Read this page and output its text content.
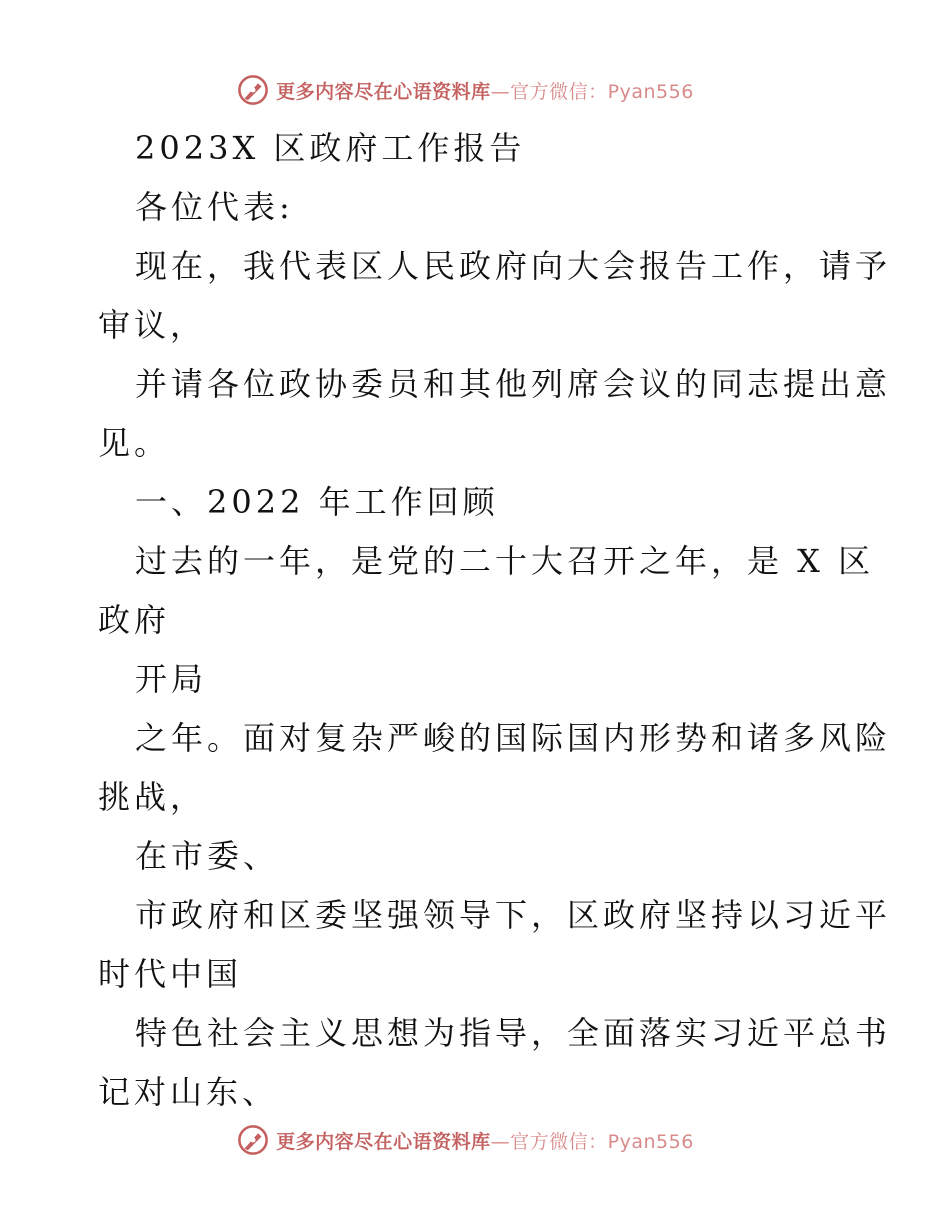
更多内容尽在心语资料库—官方微信：Pyan556
2023X 区政府工作报告
各位代表:
现在，我代表区人民政府向大会报告工作，请予
审议，
并请各位政协委员和其他列席会议的同志提出意
见。
一、2022 年工作回顾
过去的一年，是党的二十大召开之年，是 X 区
政府
开局
之年。面对复杂严峻的国际国内形势和诸多风险
挑战，
在市委、
市政府和区委坚强领导下，区政府坚持以习近平
时代中国
特色社会主义思想为指导，全面落实习近平总书
记对山东、
更多内容尽在心语资料库—官方微信：Pyan556
